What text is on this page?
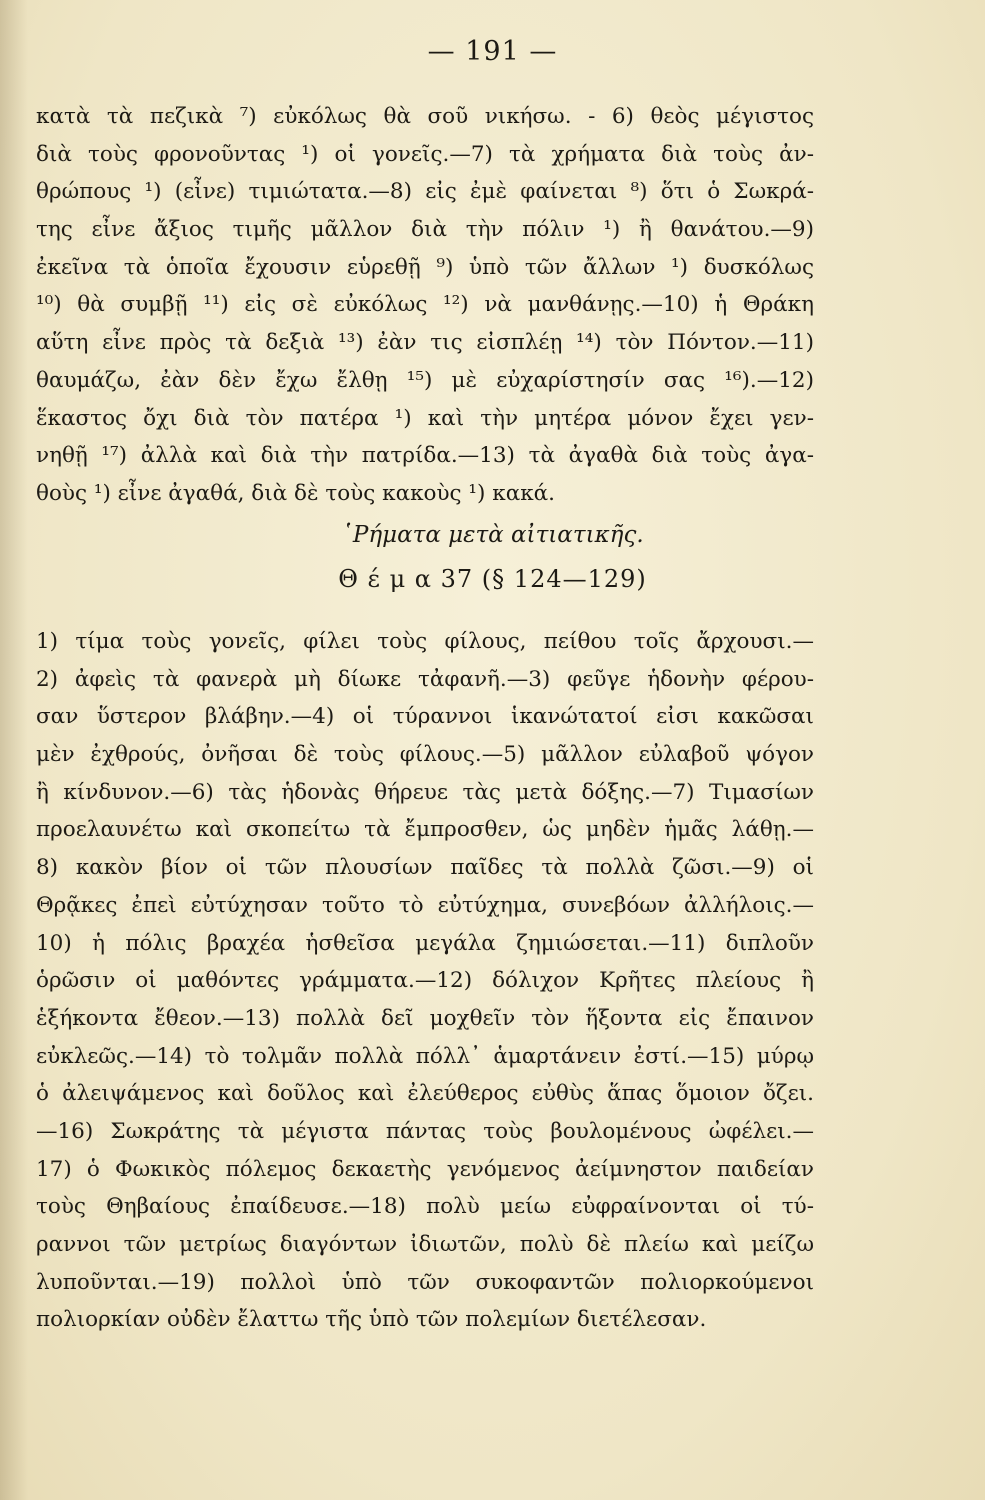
— 191 —
κατὰ τὰ πεζικὰ ⁷) εὐκόλως θὰ σοῦ νικήσω. - 6) θεὸς μέγιστος
διὰ τοὺς φρονοῦντας ¹) οἱ γονεῖς.—7) τὰ χρήματα διὰ τοὺς ἀν-
θρώπους ¹) (εἶνε) τιμιώτατα.—8) εἰς ἐμὲ φαίνεται ⁸) ὅτι ὁ Σωκρά-
της εἶνε ἄξιος τιμῆς μᾶλλον διὰ τὴν πόλιν ¹) ἢ θανάτου.—9)
ἐκεῖνα τὰ ὁποῖα ἔχουσιν εὑρεθῇ ⁹) ὑπὸ τῶν ἄλλων ¹) δυσκόλως
¹⁰) θὰ συμβῇ ¹¹) εἰς σὲ εὐκόλως ¹²) νὰ μανθάνῃς.—10) ἡ Θράκη
αὕτη εἶνε πρὸς τὰ δεξιὰ ¹³) ἐὰν τις εἰσπλέῃ ¹⁴) τὸν Πόντον.—11)
θαυμάζω, ἐὰν δὲν ἔχω ἔλθῃ ¹⁵) μὲ εὐχαρίστησίν σας ¹⁶).—12)
ἕκαστος ὄχι διὰ τὸν πατέρα ¹) καὶ τὴν μητέρα μόνον ἔχει γεν-
νηθῇ ¹⁷) ἀλλὰ καὶ διὰ τὴν πατρίδα.—13) τὰ ἀγαθὰ διὰ τοὺς ἀγα-
θοὺς ¹) εἶνε ἀγαθά, διὰ δὲ τοὺς κακοὺς ¹) κακά.
῾Ρήματα μετὰ αἰτιατικῆς.
Θ έ μ α 37 (§ 124—129)
1) τίμα τοὺς γονεῖς, φίλει τοὺς φίλους, πείθου τοῖς ἄρχουσι.—
2) ἀφεὶς τὰ φανερὰ μὴ δίωκε τἀφανῆ.—3) φεῦγε ἡδονὴν φέρου-
σαν ὕστερον βλάβην.—4) οἱ τύραννοι ἱκανώτατοί εἰσι κακῶσαι
μὲν ἐχθρούς, ὀνῆσαι δὲ τοὺς φίλους.—5) μᾶλλον εὐλαβοῦ ψόγον
ἢ κίνδυνον.—6) τὰς ἡδονὰς θήρευε τὰς μετὰ δόξης.—7) Τιμασίων
προελαυνέτω καὶ σκοπείτω τὰ ἔμπροσθεν, ὡς μηδὲν ἡμᾶς λάθῃ.—
8) κακὸν βίον οἱ τῶν πλουσίων παῖδες τὰ πολλὰ ζῶσι.—9) οἱ
Θρᾷκες ἐπεὶ εὐτύχησαν τοῦτο τὸ εὐτύχημα, συνεβόων ἀλλήλοις.—
10) ἡ πόλις βραχέα ἡσθεῖσα μεγάλα ζημιώσεται.—11) διπλοῦν
ὁρῶσιν οἱ μαθόντες γράμματα.—12) δόλιχον Κρῆτες πλείους ἢ
ἑξήκοντα ἔθεον.—13) πολλὰ δεῖ μοχθεῖν τὸν ἥξοντα εἰς ἔπαινον
εὐκλεῶς.—14) τὸ τολμᾶν πολλὰ πόλλ᾽ ἁμαρτάνειν ἐστί.—15) μύρῳ
ὁ ἀλειψάμενος καὶ δοῦλος καὶ ἐλεύθερος εὐθὺς ἅπας ὅμοιον ὄζει.
—16) Σωκράτης τὰ μέγιστα πάντας τοὺς βουλομένους ὠφέλει.—
17) ὁ Φωκικὸς πόλεμος δεκαετὴς γενόμενος ἀείμνηστον παιδείαν
τοὺς Θηβαίους ἐπαίδευσε.—18) πολὺ μείω εὐφραίνονται οἱ τύ-
ραννοι τῶν μετρίως διαγόντων ἰδιωτῶν, πολὺ δὲ πλείω καὶ μείζω
λυποῦνται.—19) πολλοὶ ὑπὸ τῶν συκοφαντῶν πολιορκούμενοι
πολιορκίαν οὐδὲν ἔλαττω τῆς ὑπὸ τῶν πολεμίων διετέλεσαν.
